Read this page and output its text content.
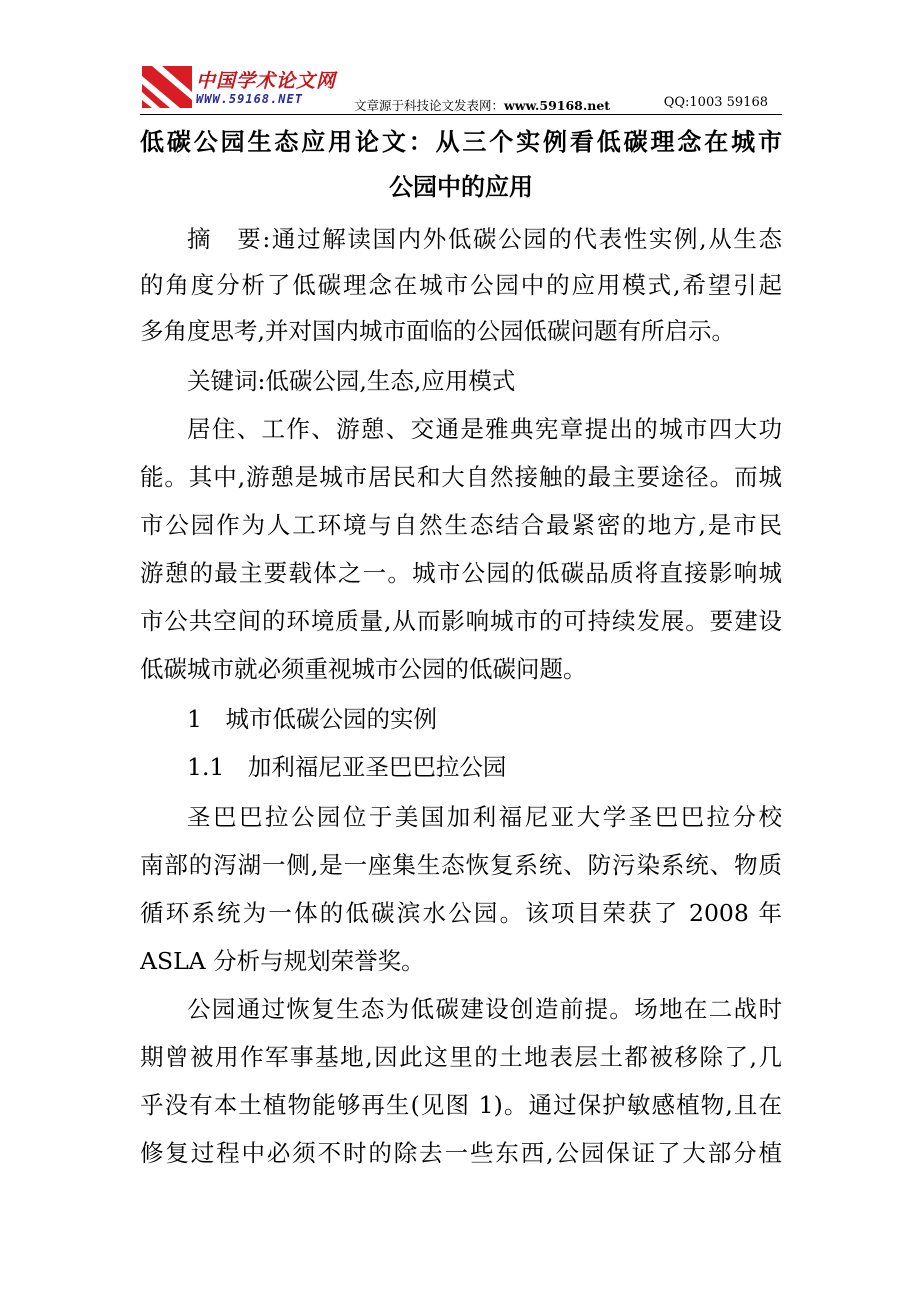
中国学术论文网
WWW.59168.NET	文章源于科技论文发表网：www.59168.net	QQ:1003 59168
低碳公园生态应用论文：从三个实例看低碳理念在城市
公园中的应用
摘　要:通过解读国内外低碳公园的代表性实例,从生态
的角度分析了低碳理念在城市公园中的应用模式,希望引起
多角度思考,并对国内城市面临的公园低碳问题有所启示。
关键词:低碳公园,生态,应用模式
居住、工作、游憩、交通是雅典宪章提出的城市四大功
能。其中,游憩是城市居民和大自然接触的最主要途径。而城
市公园作为人工环境与自然生态结合最紧密的地方,是市民
游憩的最主要载体之一。城市公园的低碳品质将直接影响城
市公共空间的环境质量,从而影响城市的可持续发展。要建设
低碳城市就必须重视城市公园的低碳问题。
1　城市低碳公园的实例
1.1　加利福尼亚圣巴巴拉公园
圣巴巴拉公园位于美国加利福尼亚大学圣巴巴拉分校
南部的泻湖一侧,是一座集生态恢复系统、防污染系统、物质
循环系统为一体的低碳滨水公园。该项目荣获了 2008 年
ASLA 分析与规划荣誉奖。
公园通过恢复生态为低碳建设创造前提。场地在二战时
期曾被用作军事基地,因此这里的土地表层土都被移除了,几
乎没有本土植物能够再生(见图 1)。通过保护敏感植物,且在
修复过程中必须不时的除去一些东西,公园保证了大部分植
